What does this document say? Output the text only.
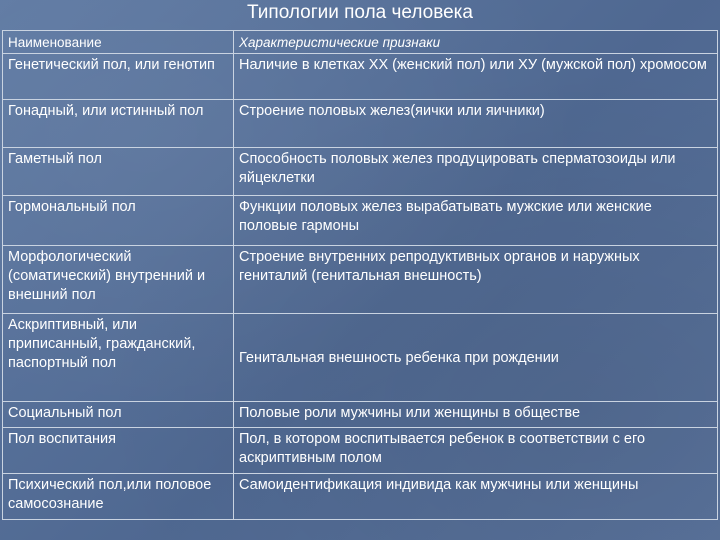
Типологии пола человека
Наименование	Характеристические признаки
Генетический пол, или генотип	Наличие в клетках ХХ (женский пол) или ХУ (мужской пол) хромосом
Гонадный, или истинный пол	Строение половых желез(яички или яичники)
Гаметный пол	Способность половых желез продуцировать сперматозоиды или яйцеклетки
Гормональный пол	Функции половых желез вырабатывать мужские или женские половые гармоны
Морфологический (соматический) внутренний и внешний пол	Строение внутренних репродуктивных органов и наружных гениталий (генитальная внешность)
Аскриптивный, или приписанный, гражданский, паспортный пол	Генитальная внешность ребенка при рождении
Социальный пол	Половые роли мужчины или женщины в обществе
Пол воспитания	Пол, в котором воспитывается ребенок в соответствии с его аскриптивным полом
Психический пол,или половое самосознание	Самоидентификация индивида как мужчины или женщины
